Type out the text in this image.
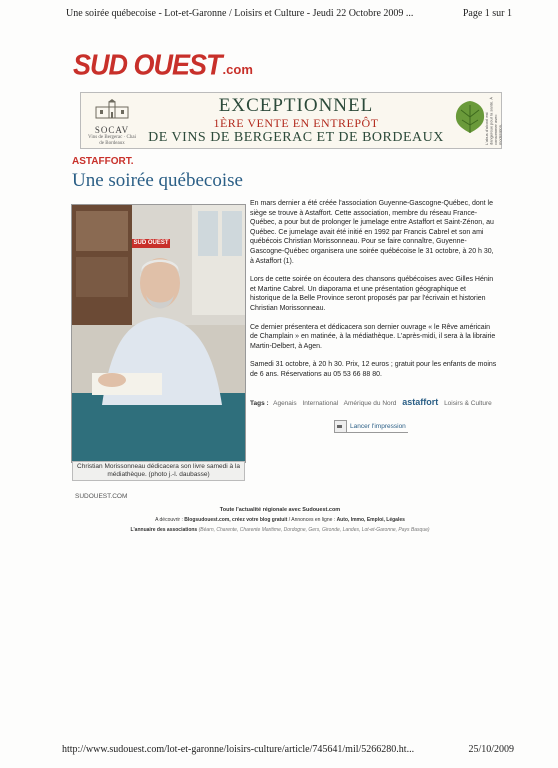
Une soirée québecoise - Lot-et-Garonne / Loisirs et Culture - Jeudi 22 Octobre 2009 ...	Page 1 sur 1
SUD OUEST .com
SOCAV
Vins de Bergerac · Chai de Bordeaux
EXCEPTIONNEL
1ÈRE VENTE EN ENTREPÔT
DE VINS DE BERGERAC ET DE BORDEAUX	L'abus d'alcool est dangereux pour la santé. À consommer avec modération.
ASTAFFORT.
Une soirée québecoise
SUD OUEST
Christian Morissonneau dédicacera son livre samedi à la médiathèque. (photo j.-l. daubasse)

En mars dernier a été créée l'association Guyenne-Gascogne-Québec, dont le siège se trouve à Astaffort. Cette association, membre du réseau France-Québec, a pour but de prolonger le jumelage entre Astaffort et Saint-Zénon, au Québec. Ce jumelage avait été initié en 1992 par Francis Cabrel et son ami québécois Christian Morissonneau. Pour se faire connaître, Guyenne-Gascogne-Québec organisera une soirée québécoise le 31 octobre, à 20 h 30, à Astaffort (1).

Lors de cette soirée on écoutera des chansons québécoises avec Gilles Hénin et Martine Cabrel. Un diaporama et une présentation géographique et historique de la Belle Province seront proposés par par l'écrivain et historien Christian Morissonneau.

Ce dernier présentera et dédicacera son dernier ouvrage « le Rêve américain de Champlain » en matinée, à la médiathèque. L'après-midi, il sera à la librairie Martin-Delbert, à Agen.

Samedi 31 octobre, à 20 h 30. Prix, 12 euros ; gratuit pour les enfants de moins de 6 ans. Réservations au 05 53 66 88 80.

Tags : Agenais International Amérique du Nord astaffort Loisirs & Culture
Lancer l'impression
SUDOUEST.COM
Toute l'actualité régionale avec Sudouest.com
A découvrir : Blogsudouest.com, créez votre blog gratuit / Annonces en ligne : Auto, Immo, Emploi, Légales
L'annuaire des associations (Béarn, Charente, Charente Maritime, Dordogne, Gers, Gironde, Landes, Lot-et-Garonne, Pays Basque)
http://www.sudouest.com/lot-et-garonne/loisirs-culture/article/745641/mil/5266280.ht...	25/10/2009
